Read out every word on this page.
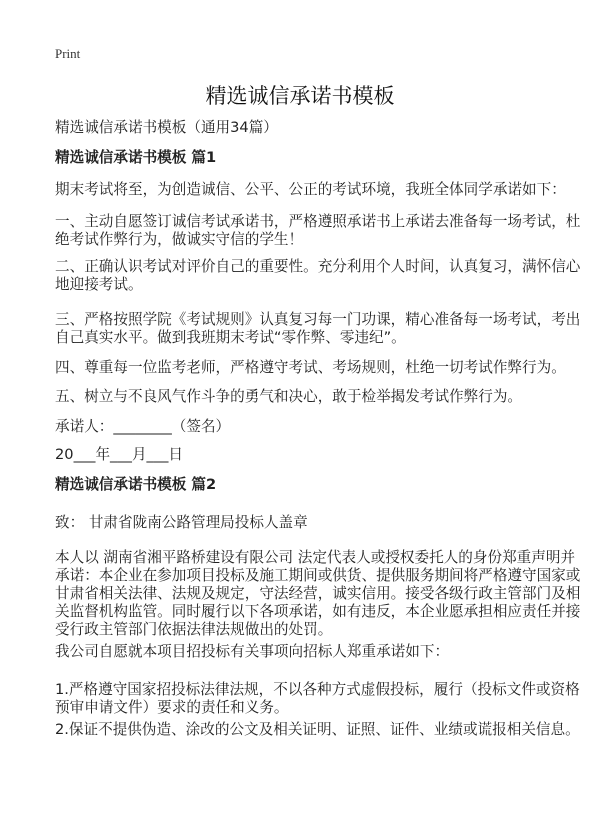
Print
精选诚信承诺书模板
精选诚信承诺书模板（通用34篇）
精选诚信承诺书模板 篇1
期末考试将至，为创造诚信、公平、公正的考试环境，我班全体同学承诺如下：
一、主动自愿签订诚信考试承诺书，严格遵照承诺书上承诺去准备每一场考试，杜
绝考试作弊行为，做诚实守信的学生！
二、正确认识考试对评价自己的重要性。充分利用个人时间，认真复习，满怀信心
地迎接考试。
三、严格按照学院《考试规则》认真复习每一门功课，精心准备每一场考试，考出
自己真实水平。做到我班期末考试“零作弊、零违纪”。
四、尊重每一位监考老师，严格遵守考试、考场规则，杜绝一切考试作弊行为。
五、树立与不良风气作斗争的勇气和决心，敢于检举揭发考试作弊行为。
承诺人：________（签名）
20___年___月___日
精选诚信承诺书模板 篇2
致： 甘肃省陇南公路管理局投标人盖章
本人以 湖南省湘平路桥建设有限公司 法定代表人或授权委托人的身份郑重声明并
承诺：本企业在参加项目投标及施工期间或供货、提供服务期间将严格遵守国家或
甘肃省相关法律、法规及规定，守法经营，诚实信用。接受各级行政主管部门及相
关监督机构监管。同时履行以下各项承诺，如有违反，本企业愿承担相应责任并接
受行政主管部门依据法律法规做出的处罚。
我公司自愿就本项目招投标有关事项向招标人郑重承诺如下：
1.严格遵守国家招投标法律法规，不以各种方式虚假投标，履行（投标文件或资格
预审申请文件）要求的责任和义务。
2.保证不提供伪造、涂改的公文及相关证明、证照、证件、业绩或谎报相关信息。
